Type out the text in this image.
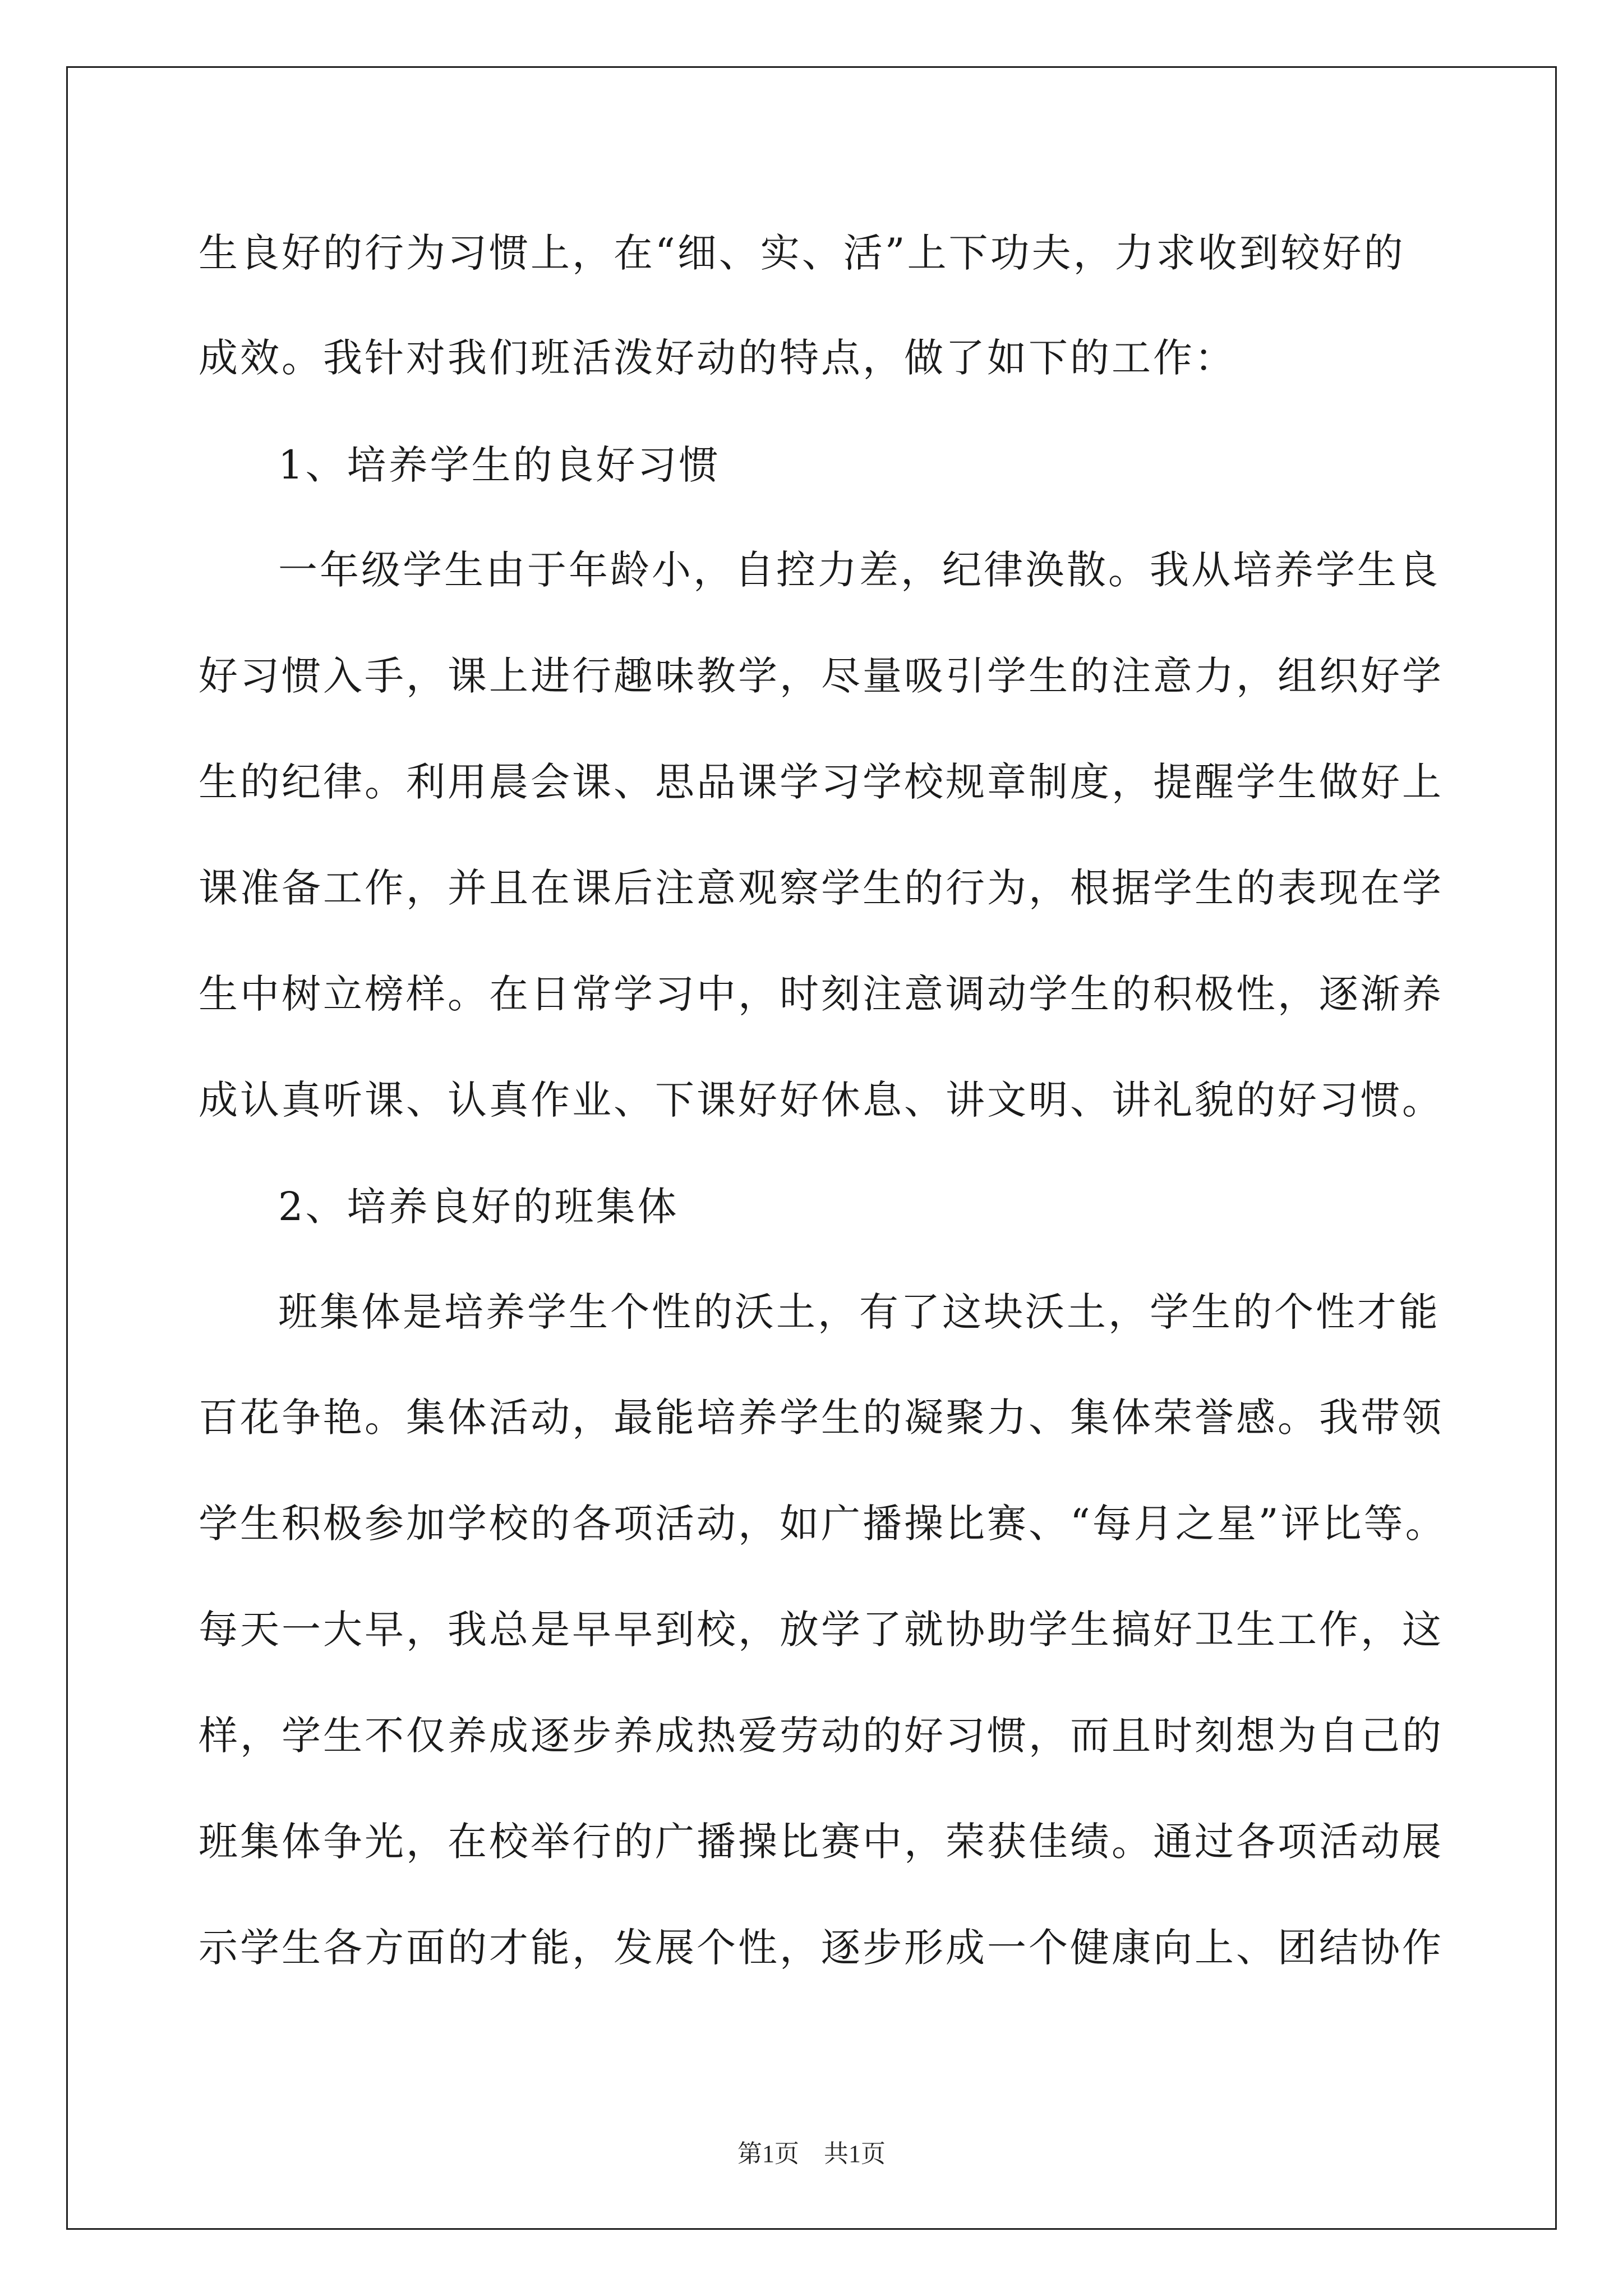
生良好的行为习惯上，在“细、实、活”上下功夫，力求收到较好的
成效。我针对我们班活泼好动的特点，做了如下的工作：
1、培养学生的良好习惯
一年级学生由于年龄小，自控力差，纪律涣散。我从培养学生良
好习惯入手，课上进行趣味教学，尽量吸引学生的注意力，组织好学
生的纪律。利用晨会课、思品课学习学校规章制度，提醒学生做好上
课准备工作，并且在课后注意观察学生的行为，根据学生的表现在学
生中树立榜样。在日常学习中，时刻注意调动学生的积极性，逐渐养
成认真听课、认真作业、下课好好休息、讲文明、讲礼貌的好习惯。
2、培养良好的班集体
班集体是培养学生个性的沃土，有了这块沃土，学生的个性才能
百花争艳。集体活动，最能培养学生的凝聚力、集体荣誉感。我带领
学生积极参加学校的各项活动，如广播操比赛、“每月之星”评比等。
每天一大早，我总是早早到校，放学了就协助学生搞好卫生工作，这
样，学生不仅养成逐步养成热爱劳动的好习惯，而且时刻想为自己的
班集体争光，在校举行的广播操比赛中，荣获佳绩。通过各项活动展
示学生各方面的才能，发展个性，逐步形成一个健康向上、团结协作
第1页　共1页
